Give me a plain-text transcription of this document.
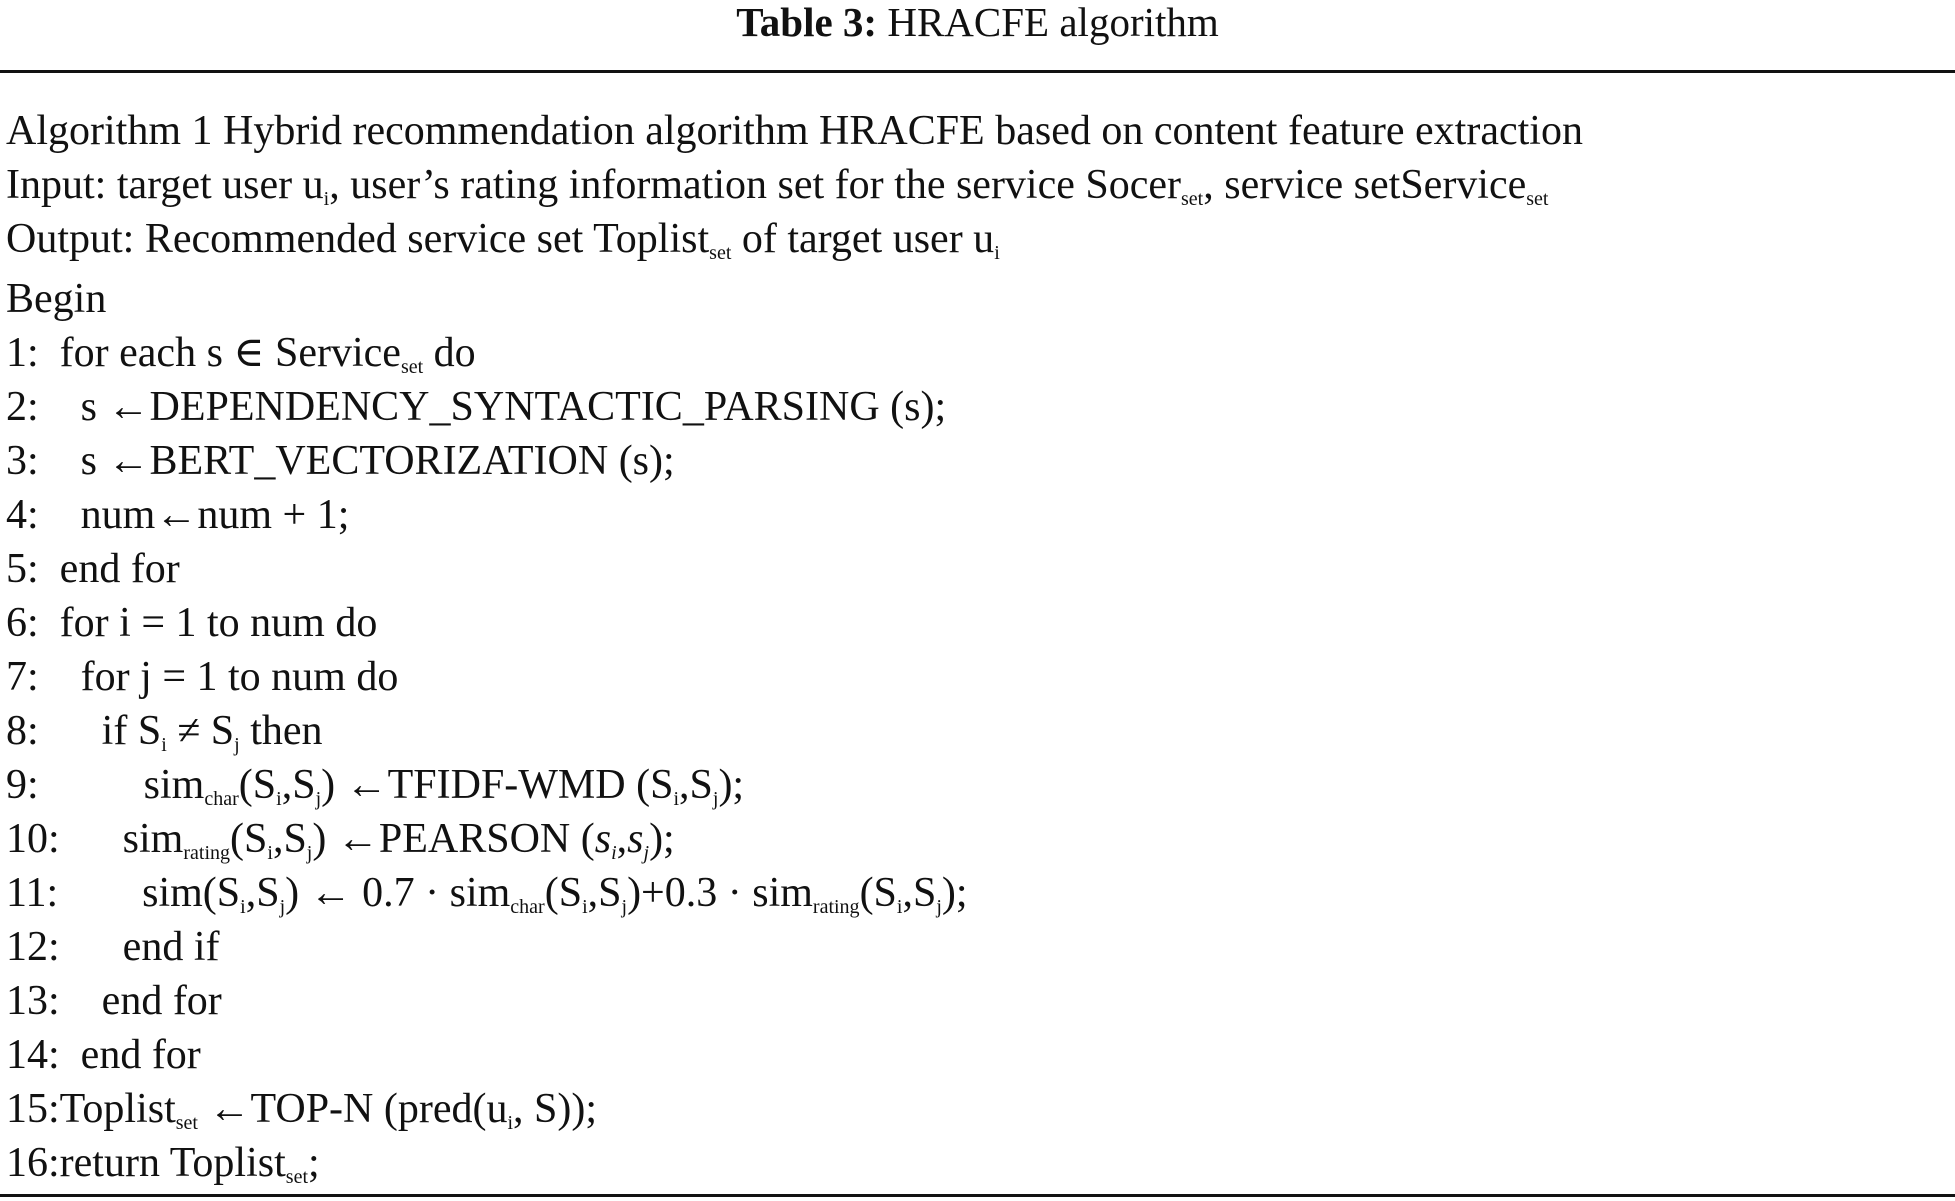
Table 3: HRACFE algorithm
Algorithm 1 Hybrid recommendation algorithm HRACFE based on content feature extraction
Input: target user $u_i$, user’s rating information set for the service Socer$_{set}$, service setService$_{set}$
Output: Recommended service set Toplist$_{set}$ of target user $u_i$
Begin
1: for each s ∈ Service$_{set}$ do
2: s ←DEPENDENCY_SYNTACTIC_PARSING (s);
3: s ←BERT_VECTORIZATION (s);
4: num←num + 1;
5: end for
6: for i = 1 to num do
7: for j = 1 to num do
8: if $S_i \ne S_j$ then
9:	$sim_{char}(S_i,S_j)$ ←TFIDF-WMD $(S_i,S_j)$;
10: $sim_{rating}(S_i,S_j)$ ←PEARSON $(s_i,s_j)$;
11: $sim(S_i,S_j)$ ← $0.7 \cdot sim_{char}(S_i,S_j)+0.3 \cdot sim_{rating}(S_i,S_j)$;
12: end if
13: end for
14: end for
15:Toplist$_{set}$ ←TOP-N ($pred(u_i$, S));
16:return Toplist$_{set}$;
